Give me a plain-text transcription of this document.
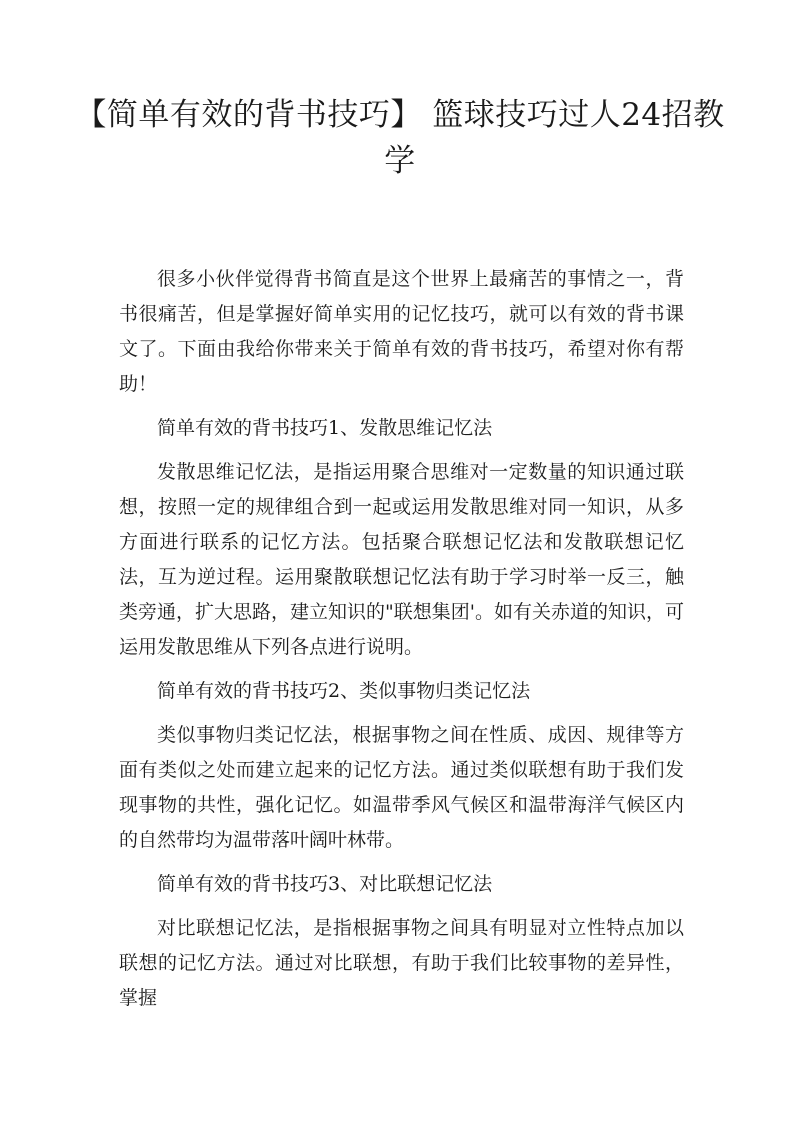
【简单有效的背书技巧】 篮球技巧过人24招教学

很多小伙伴觉得背书简直是这个世界上最痛苦的事情之一，背书很痛苦，但是掌握好简单实用的记忆技巧，就可以有效的背书课文了。下面由我给你带来关于简单有效的背书技巧，希望对你有帮助！

简单有效的背书技巧1、发散思维记忆法

发散思维记忆法，是指运用聚合思维对一定数量的知识通过联想，按照一定的规律组合到一起或运用发散思维对同一知识，从多方面进行联系的记忆方法。包括聚合联想记忆法和发散联想记忆法，互为逆过程。运用聚散联想记忆法有助于学习时举一反三，触类旁通，扩大思路，建立知识的"联想集团'。如有关赤道的知识，可运用发散思维从下列各点进行说明。

简单有效的背书技巧2、类似事物归类记忆法

类似事物归类记忆法，根据事物之间在性质、成因、规律等方面有类似之处而建立起来的记忆方法。通过类似联想有助于我们发现事物的共性，强化记忆。如温带季风气候区和温带海洋气候区内的自然带均为温带落叶阔叶林带。

简单有效的背书技巧3、对比联想记忆法

对比联想记忆法，是指根据事物之间具有明显对立性特点加以联想的记忆方法。通过对比联想，有助于我们比较事物的差异性，掌握
